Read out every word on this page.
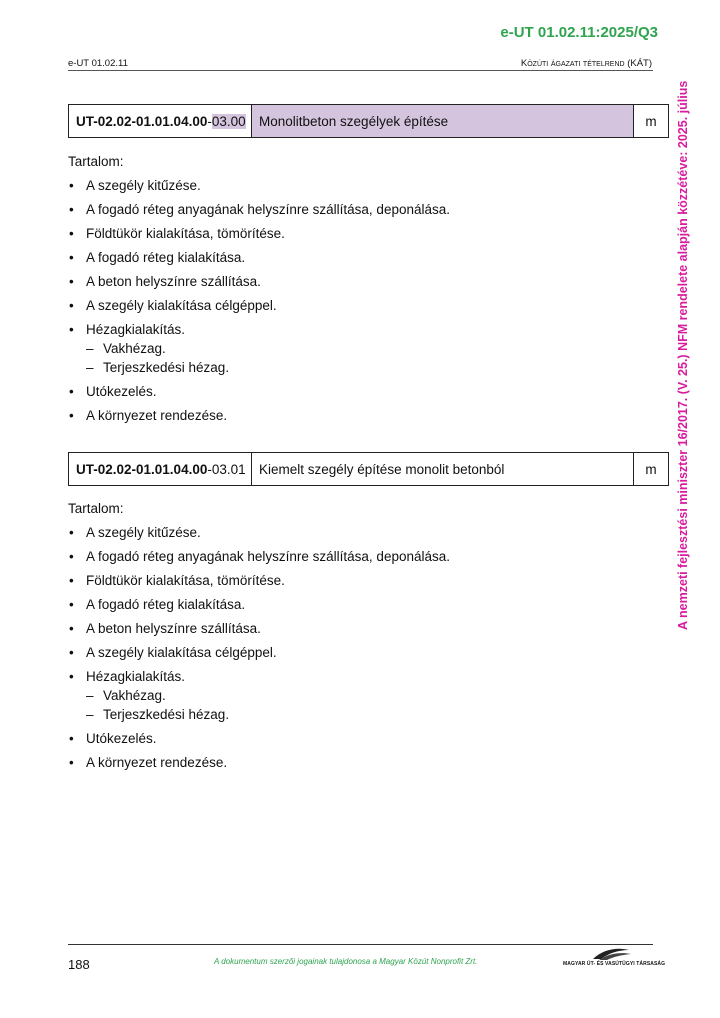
e-UT 01.02.11:2025/Q3
e-UT 01.02.11	Közúti ágazati tételrend (KÁT)
UT-02.02-01.01.04.00 - 03.00 Monolitbeton szegélyek építése	m
Tartalom:
• A szegély kitűzése.
• A fogadó réteg anyagának helyszínre szállítása, deponálása.
• Földtükör kialakítása, tömörítése.
• A fogadó réteg kialakítása.
• A beton helyszínre szállítása.
• A szegély kialakítása célgéppel.
• Hézagkialakítás.
– Vakhézag.
– Terjeszkedési hézag.
• Utókezelés.
• A környezet rendezése.
UT-02.02-01.01.04.00 - 03.01 Kiemelt szegély építése monolit betonból	m
Tartalom:
• A szegély kitűzése.
• A fogadó réteg anyagának helyszínre szállítása, deponálása.
• Földtükör kialakítása, tömörítése.
• A fogadó réteg kialakítása.
• A beton helyszínre szállítása.
• A szegély kialakítása célgéppel.
• Hézagkialakítás.
– Vakhézag.
– Terjeszkedési hézag.
• Utókezelés.
• A környezet rendezése.
A nemzeti fejlesztési miniszter 16/2017. (V. 25.) NFM rendelete alapján közzétéve: 2025. július
188	A dokumentum szerzői jogainak tulajdonosa a Magyar Közút Nonprofit Zrt.	MAGYAR ÚT- ÉS VASÚTÜGYI TÁRSASÁG
